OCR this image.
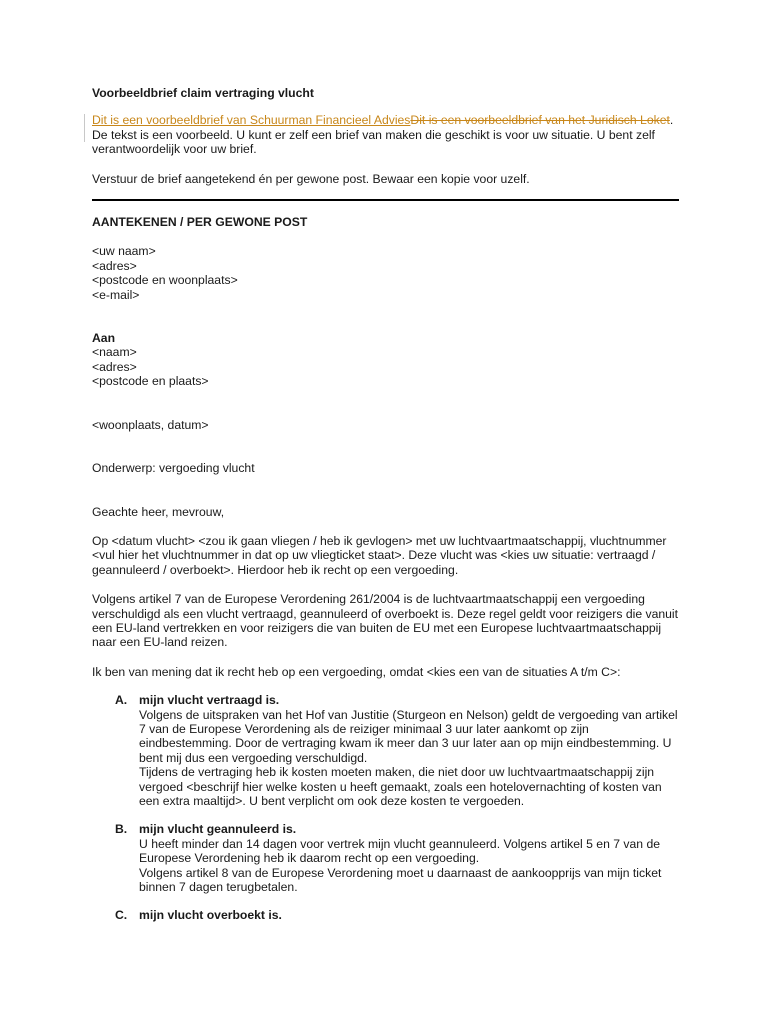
Voorbeeldbrief claim vertraging vlucht

Dit is een voorbeeldbrief van Schuurman Financieel AdviesDit is een voorbeeldbrief van het Juridisch Loket. De tekst is een voorbeeld. U kunt er zelf een brief van maken die geschikt is voor uw situatie. U bent zelf verantwoordelijk voor uw brief.

Verstuur de brief aangetekend én per gewone post. Bewaar een kopie voor uzelf.

AANTEKENEN / PER GEWONE POST

<uw naam>

<adres>

<postcode en woonplaats>

<e-mail>

Aan

<naam>

<adres>

<postcode en plaats>

<woonplaats, datum>

Onderwerp: vergoeding vlucht

Geachte heer, mevrouw,

Op <datum vlucht> <zou ik gaan vliegen / heb ik gevlogen> met uw luchtvaartmaatschappij, vluchtnummer <vul hier het vluchtnummer in dat op uw vliegticket staat>. Deze vlucht was <kies uw situatie: vertraagd / geannuleerd / overboekt>. Hierdoor heb ik recht op een vergoeding.

Volgens artikel 7 van de Europese Verordening 261/2004 is de luchtvaartmaatschappij een vergoeding verschuldigd als een vlucht vertraagd, geannuleerd of overboekt is. Deze regel geldt voor reizigers die vanuit een EU-land vertrekken en voor reizigers die van buiten de EU met een Europese luchtvaartmaatschappij naar een EU-land reizen.

Ik ben van mening dat ik recht heb op een vergoeding, omdat <kies een van de situaties A t/m C>:

A. mijn vlucht vertraagd is.
Volgens de uitspraken van het Hof van Justitie (Sturgeon en Nelson) geldt de vergoeding van artikel 7 van de Europese Verordening als de reiziger minimaal 3 uur later aankomt op zijn eindbestemming. Door de vertraging kwam ik meer dan 3 uur later aan op mijn eindbestemming. U bent mij dus een vergoeding verschuldigd.
Tijdens de vertraging heb ik kosten moeten maken, die niet door uw luchtvaartmaatschappij zijn vergoed <beschrijf hier welke kosten u heeft gemaakt, zoals een hotelovernachting of kosten van een extra maaltijd>. U bent verplicht om ook deze kosten te vergoeden.
B. mijn vlucht geannuleerd is.
U heeft minder dan 14 dagen voor vertrek mijn vlucht geannuleerd. Volgens artikel 5 en 7 van de Europese Verordening heb ik daarom recht op een vergoeding.
Volgens artikel 8 van de Europese Verordening moet u daarnaast de aankoopprijs van mijn ticket binnen 7 dagen terugbetalen.
C. mijn vlucht overboekt is.
